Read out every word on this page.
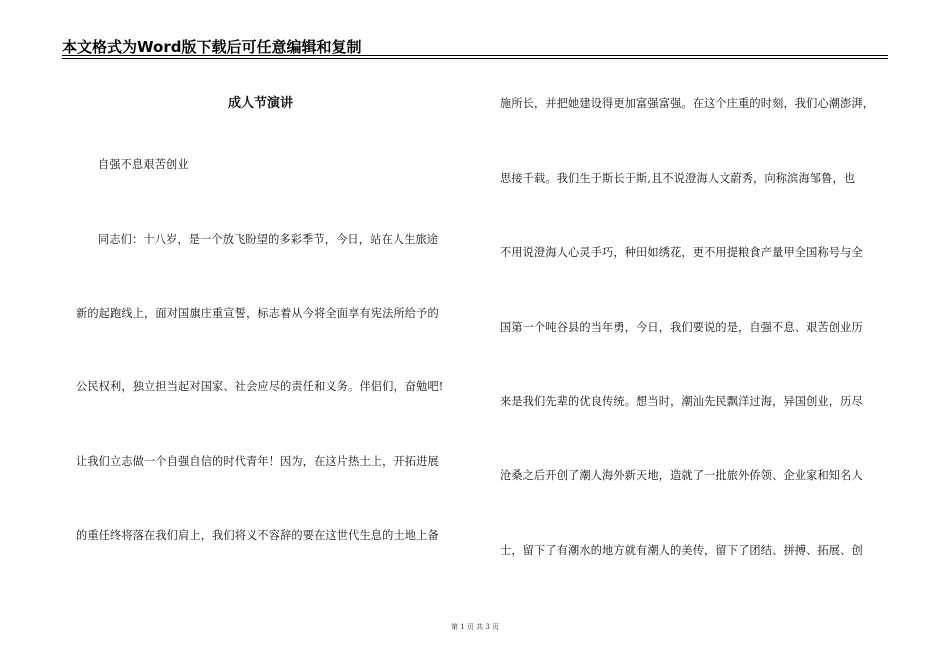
本文格式为Word版下载后可任意编辑和复制
成人节演讲
自强不息艰苦创业
同志们：十八岁，是一个放飞盼望的多彩季节，今日，站在人生旅途
新的起跑线上，面对国旗庄重宣誓，标志着从今将全面享有宪法所给予的
公民权利，独立担当起对国家、社会应尽的责任和义务。伴侣们，奋勉吧!
让我们立志做一个自强自信的时代青年！因为，在这片热土上，开拓进展
的重任终将落在我们肩上，我们将义不容辞的要在这世代生息的土地上备
施所长，并把她建设得更加富强富强。在这个庄重的时刻，我们心潮澎湃，
思接千载。我们生于斯长于斯,且不说澄海人文蔚秀，向称滨海邹鲁，也
不用说澄海人心灵手巧，种田如绣花，更不用提粮食产量甲全国称号与全
国第一个吨谷县的当年勇，今日，我们要说的是，自强不息、艰苦创业历
来是我们先辈的优良传统。想当时，潮汕先民飘洋过海，异国创业，历尽
沧桑之后开创了潮人海外新天地，造就了一批旅外侨领、企业家和知名人
士，留下了有潮水的地方就有潮人的美传，留下了团结、拼搏、拓展、创
第 1 页 共 3 页
